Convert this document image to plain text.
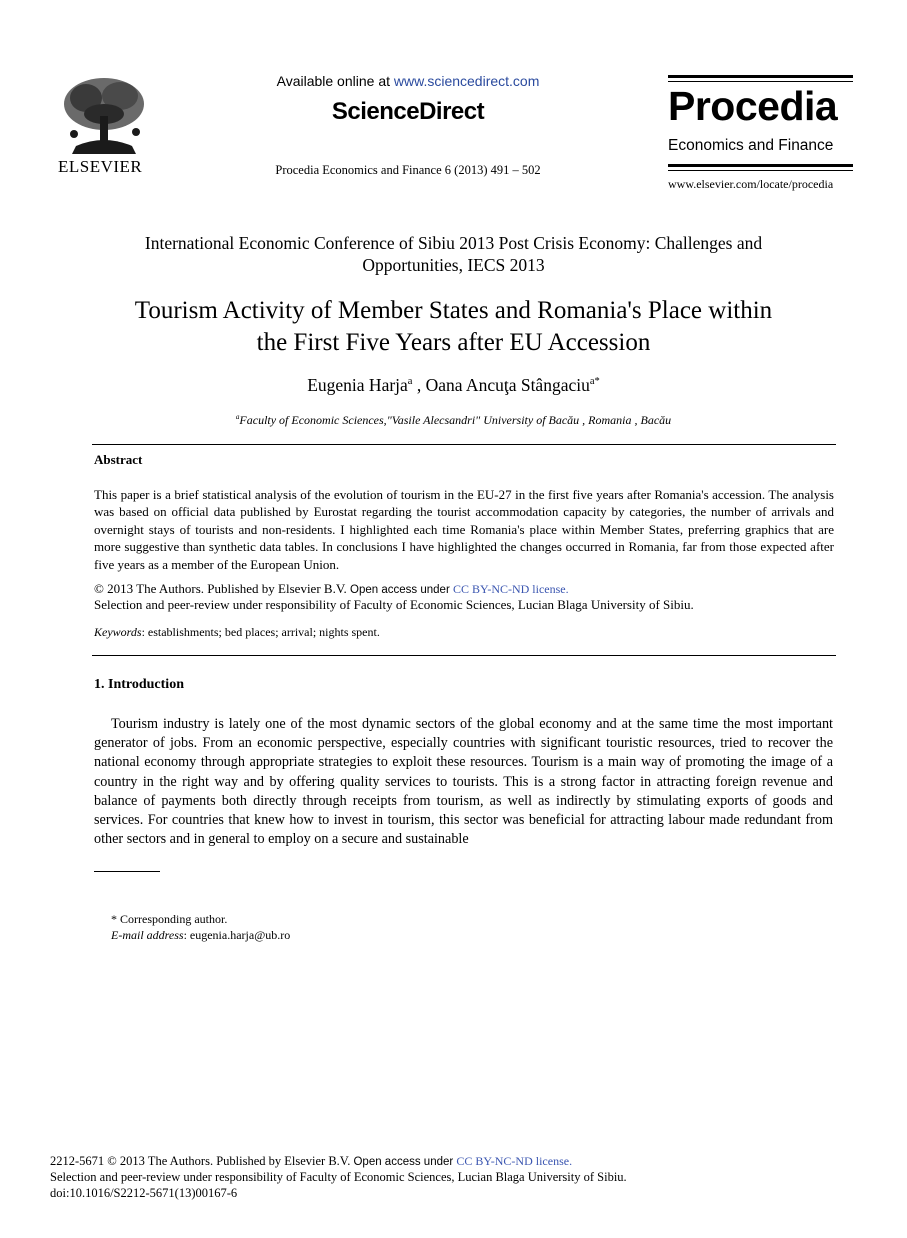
ELSEVIER
Available online at www.sciencedirect.com
ScienceDirect
Procedia Economics and Finance 6 (2013) 491 – 502
Procedia
Economics and Finance
www.elsevier.com/locate/procedia
International Economic Conference of Sibiu 2013 Post Crisis Economy: Challenges and
Opportunities, IECS 2013
Tourism Activity of Member States and Romania's Place within
the First Five Years after EU Accession
Eugenia Harja$^a$ , Oana Ancuţa Stângaciu$^{a*}$
$^a$Faculty of Economic Sciences,"Vasile Alecsandri" University of Bacău , Romania , Bacău
Abstract
This paper is a brief statistical analysis of the evolution of tourism in the EU-27 in the first five years after Romania's accession. The analysis was based on official data published by Eurostat regarding the tourist accommodation capacity by categories, the number of arrivals and overnight stays of tourists and non-residents. I highlighted each time Romania's place within Member States, preferring graphics that are more suggestive than synthetic data tables. In conclusions I have highlighted the changes occurred in Romania, far from those expected after five years as a member of the European Union.
© 2013 The Authors. Published by Elsevier B.V. Open access under CC BY-NC-ND license.
Selection and peer-review under responsibility of Faculty of Economic Sciences, Lucian Blaga University of Sibiu.
Keywords: establishments; bed places; arrival; nights spent.
1. Introduction
Tourism industry is lately one of the most dynamic sectors of the global economy and at the same time the most important generator of jobs. From an economic perspective, especially countries with significant touristic resources, tried to recover the national economy through appropriate strategies to exploit these resources. Tourism is a main way of promoting the image of a country in the right way and by offering quality services to tourists. This is a strong factor in attracting foreign revenue and balance of payments both directly through receipts from tourism, as well as indirectly by stimulating exports of goods and services. For countries that knew how to invest in tourism, this sector was beneficial for attracting labour made redundant from other sectors and in general to employ on a secure and sustainable
* Corresponding author.
E-mail address: eugenia.harja@ub.ro
2212-5671 © 2013 The Authors. Published by Elsevier B.V. Open access under CC BY-NC-ND license.
Selection and peer-review under responsibility of Faculty of Economic Sciences, Lucian Blaga University of Sibiu.
doi:10.1016/S2212-5671(13)00167-6
